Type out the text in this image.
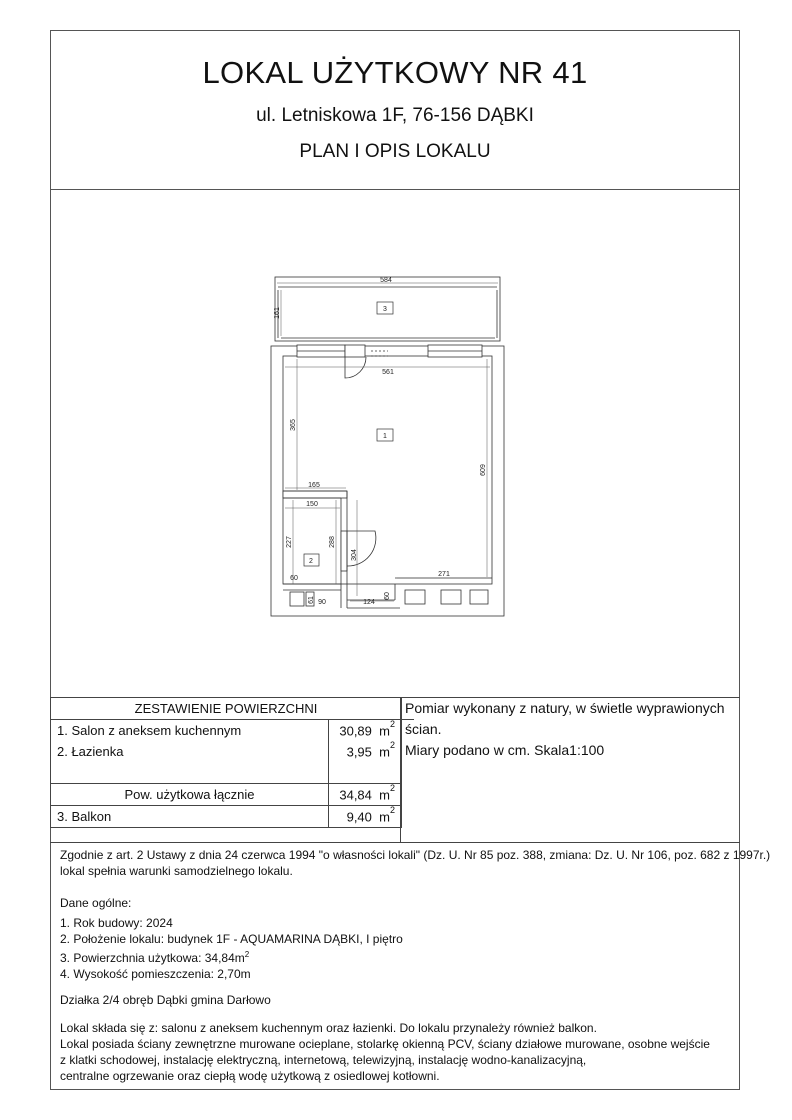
LOKAL UŻYTKOWY NR 41
ul. Letniskowa 1F, 76-156 DĄBKI
PLAN I OPIS LOKALU
584
161
561
365
609
165
150
227	288
304
271
60
61 90	124
60
3
1
2
ZESTAWIENIE POWIERZCHNI		
1. Salon z aneksem kuchennym	30,89 $m^2$	
2. Łazienka	3,95 $m^2$	

Pow. użytkowa łącznie	34,84 $m^2$	
3. Balkon	9,40 $m^2$	
Pomiar wykonany z natury, w świetle wyprawionych ścian.
Miary podano w cm. Skala1:100

Zgodnie z art. 2 Ustawy z dnia 24 czerwca 1994 "o własności lokali" (Dz. U. Nr 85 poz. 388, zmiana: Dz. U. Nr 106, poz. 682 z 1997r.)

lokal spełnia warunki samodzielnego lokalu.

Dane ogólne:

1. Rok budowy: 2024

2. Położenie lokalu: budynek 1F - AQUAMARINA DĄBKI, I piętro

3. Powierzchnia użytkowa: $34,84m^2$

4. Wysokość pomieszczenia: 2,70m

Działka 2/4 obręb Dąbki gmina Darłowo

Lokal składa się z: salonu z aneksem kuchennym oraz łazienki. Do lokalu przynależy również balkon.

Lokal posiada ściany zewnętrzne murowane ocieplane, stolarkę okienną PCV, ściany działowe murowane, osobne wejście

z klatki schodowej, instalację elektryczną, internetową, telewizyjną, instalację wodno-kanalizacyjną,

centralne ogrzewanie oraz ciepłą wodę użytkową z osiedlowej kotłowni.
